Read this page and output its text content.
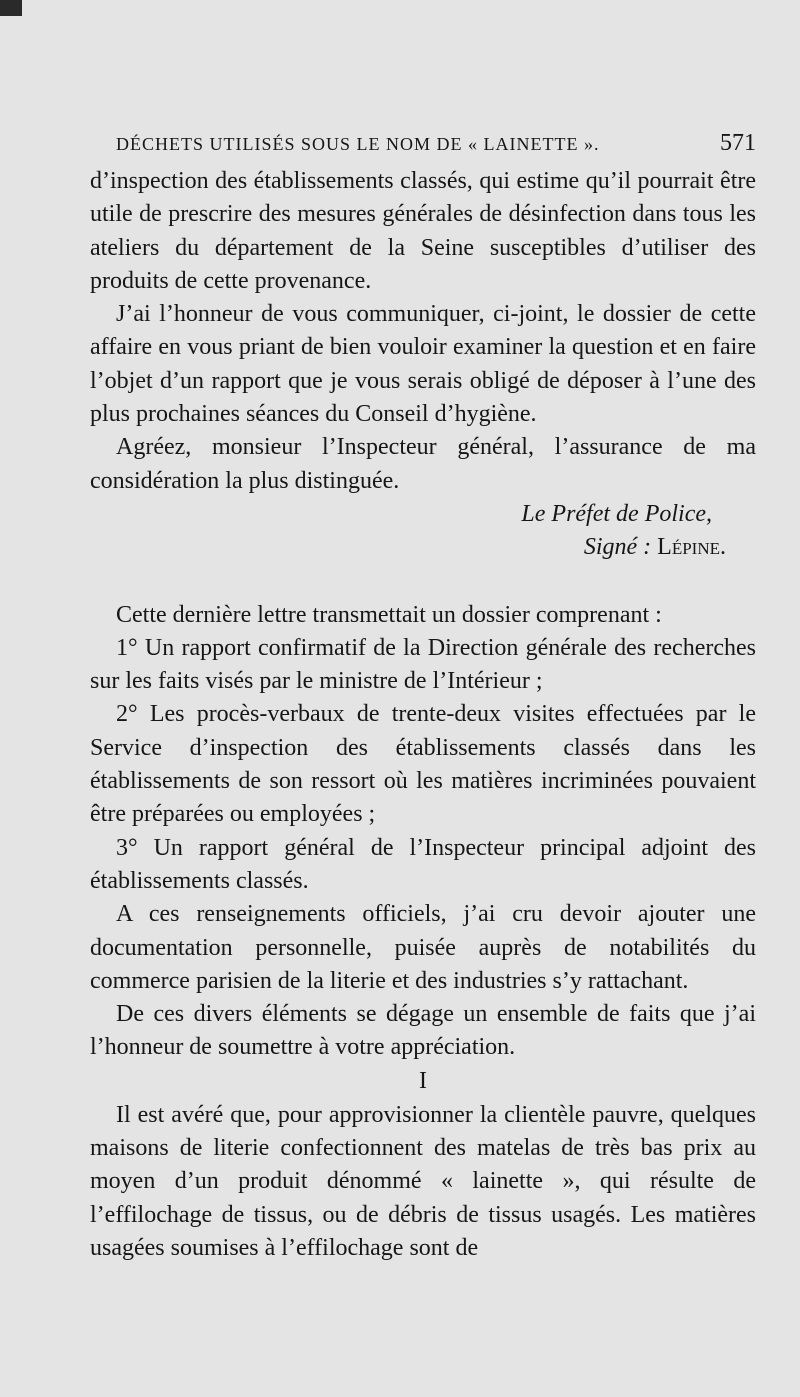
DÉCHETS UTILISÉS SOUS LE NOM DE « LAINETTE ».	571

d’inspection des établissements classés, qui estime qu’il pourrait être utile de prescrire des mesures générales de désinfection dans tous les ateliers du département de la Seine susceptibles d’utiliser des produits de cette provenance.

J’ai l’honneur de vous communiquer, ci-joint, le dossier de cette affaire en vous priant de bien vouloir examiner la question et en faire l’objet d’un rapport que je vous serais obligé de déposer à l’une des plus prochaines séances du Conseil d’hygiène.

Agréez, monsieur l’Inspecteur général, l’assurance de ma considération la plus distinguée.

Le Préfet de Police,

Signé : Lépine.

Cette dernière lettre transmettait un dossier comprenant :

1° Un rapport confirmatif de la Direction générale des recherches sur les faits visés par le ministre de l’Intérieur ;

2° Les procès-verbaux de trente-deux visites effectuées par le Service d’inspection des établissements classés dans les établissements de son ressort où les matières incriminées pouvaient être préparées ou employées ;

3° Un rapport général de l’Inspecteur principal adjoint des établissements classés.

A ces renseignements officiels, j’ai cru devoir ajouter une documentation personnelle, puisée auprès de notabilités du commerce parisien de la literie et des industries s’y rattachant.

De ces divers éléments se dégage un ensemble de faits que j’ai l’honneur de soumettre à votre appréciation.

I

Il est avéré que, pour approvisionner la clientèle pauvre, quelques maisons de literie confectionnent des matelas de très bas prix au moyen d’un produit dénommé « lainette », qui résulte de l’effilochage de tissus, ou de débris de tissus usagés. Les matières usagées soumises à l’effilochage sont de
